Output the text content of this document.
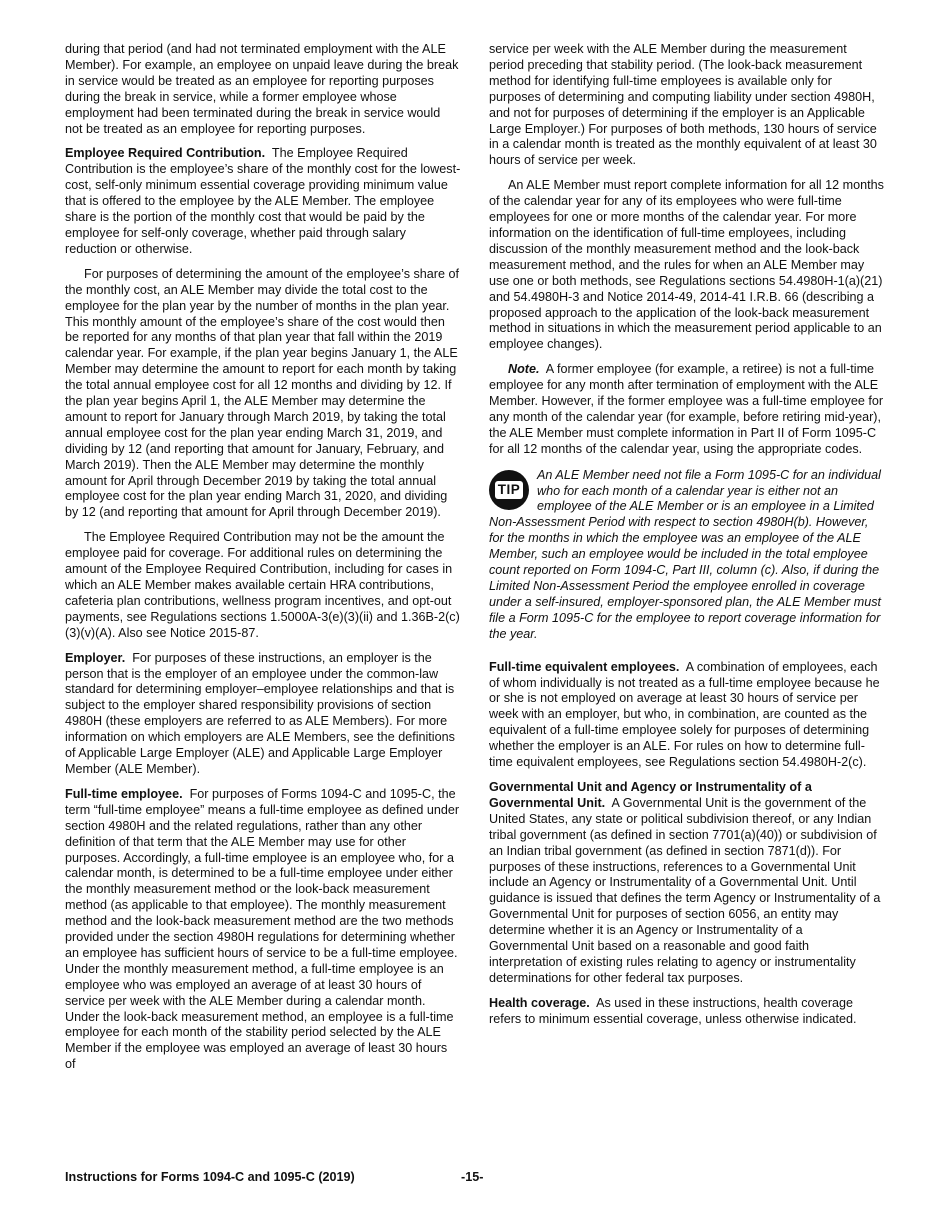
during that period (and had not terminated employment with the ALE Member). For example, an employee on unpaid leave during the break in service would be treated as an employee for reporting purposes during the break in service, while a former employee whose employment had been terminated during the break in service would not be treated as an employee for reporting purposes.

Employee Required Contribution. The Employee Required Contribution is the employee’s share of the monthly cost for the lowest-cost, self-only minimum essential coverage providing minimum value that is offered to the employee by the ALE Member. The employee share is the portion of the monthly cost that would be paid by the employee for self-only coverage, whether paid through salary reduction or otherwise.

For purposes of determining the amount of the employee’s share of the monthly cost, an ALE Member may divide the total cost to the employee for the plan year by the number of months in the plan year. This monthly amount of the employee’s share of the cost would then be reported for any months of that plan year that fall within the 2019 calendar year. For example, if the plan year begins January 1, the ALE Member may determine the amount to report for each month by taking the total annual employee cost for all 12 months and dividing by 12. If the plan year begins April 1, the ALE Member may determine the amount to report for January through March 2019, by taking the total annual employee cost for the plan year ending March 31, 2019, and dividing by 12 (and reporting that amount for January, February, and March 2019). Then the ALE Member may determine the monthly amount for April through December 2019 by taking the total annual employee cost for the plan year ending March 31, 2020, and dividing by 12 (and reporting that amount for April through December 2019).

The Employee Required Contribution may not be the amount the employee paid for coverage. For additional rules on determining the amount of the Employee Required Contribution, including for cases in which an ALE Member makes available certain HRA contributions, cafeteria plan contributions, wellness program incentives, and opt-out payments, see Regulations sections 1.5000A-3(e)(3)(ii) and 1.36B-2(c)(3)(v)(A). Also see Notice 2015-87.

Employer. For purposes of these instructions, an employer is the person that is the employer of an employee under the common-law standard for determining employer–employee relationships and that is subject to the employer shared responsibility provisions of section 4980H (these employers are referred to as ALE Members). For more information on which employers are ALE Members, see the definitions of Applicable Large Employer (ALE) and Applicable Large Employer Member (ALE Member).

Full-time employee. For purposes of Forms 1094-C and 1095-C, the term “full-time employee” means a full-time employee as defined under section 4980H and the related regulations, rather than any other definition of that term that the ALE Member may use for other purposes. Accordingly, a full-time employee is an employee who, for a calendar month, is determined to be a full-time employee under either the monthly measurement method or the look-back measurement method (as applicable to that employee). The monthly measurement method and the look-back measurement method are the two methods provided under the section 4980H regulations for determining whether an employee has sufficient hours of service to be a full-time employee. Under the monthly measurement method, a full-time employee is an employee who was employed an average of at least 30 hours of service per week with the ALE Member during a calendar month. Under the look-back measurement method, an employee is a full-time employee for each month of the stability period selected by the ALE Member if the employee was employed an average of least 30 hours of

service per week with the ALE Member during the measurement period preceding that stability period. (The look-back measurement method for identifying full-time employees is available only for purposes of determining and computing liability under section 4980H, and not for purposes of determining if the employer is an Applicable Large Employer.) For purposes of both methods, 130 hours of service in a calendar month is treated as the monthly equivalent of at least 30 hours of service per week.

An ALE Member must report complete information for all 12 months of the calendar year for any of its employees who were full-time employees for one or more months of the calendar year. For more information on the identification of full-time employees, including discussion of the monthly measurement method and the look-back measurement method, and the rules for when an ALE Member may use one or both methods, see Regulations sections 54.4980H-1(a)(21) and 54.4980H-3 and Notice 2014-49, 2014-41 I.R.B. 66 (describing a proposed approach to the application of the look-back measurement method in situations in which the measurement period applicable to an employee changes).

Note. A former employee (for example, a retiree) is not a full-time employee for any month after termination of employment with the ALE Member. However, if the former employee was a full-time employee for any month of the calendar year (for example, before retiring mid-year), the ALE Member must complete information in Part II of Form 1095-C for all 12 months of the calendar year, using the appropriate codes.

TIP
An ALE Member need not file a Form 1095-C for an individual who for each month of a calendar year is either not an employee of the ALE Member or is an employee in a Limited Non-Assessment Period with respect to section 4980H(b). However, for the months in which the employee was an employee of the ALE Member, such an employee would be included in the total employee count reported on Form 1094-C, Part III, column (c). Also, if during the Limited Non-Assessment Period the employee enrolled in coverage under a self-insured, employer-sponsored plan, the ALE Member must file a Form 1095-C for the employee to report coverage information for the year.

Full-time equivalent employees. A combination of employees, each of whom individually is not treated as a full-time employee because he or she is not employed on average at least 30 hours of service per week with an employer, but who, in combination, are counted as the equivalent of a full-time employee solely for purposes of determining whether the employer is an ALE. For rules on how to determine full-time equivalent employees, see Regulations section 54.4980H-2(c).

Governmental Unit and Agency or Instrumentality of a Governmental Unit. A Governmental Unit is the government of the United States, any state or political subdivision thereof, or any Indian tribal government (as defined in section 7701(a)(40)) or subdivision of an Indian tribal government (as defined in section 7871(d)). For purposes of these instructions, references to a Governmental Unit include an Agency or Instrumentality of a Governmental Unit. Until guidance is issued that defines the term Agency or Instrumentality of a Governmental Unit for purposes of section 6056, an entity may determine whether it is an Agency or Instrumentality of a Governmental Unit based on a reasonable and good faith interpretation of existing rules relating to agency or instrumentality determinations for other federal tax purposes.

Health coverage. As used in these instructions, health coverage refers to minimum essential coverage, unless otherwise indicated.

Instructions for Forms 1094-C and 1095-C (2019)	-15-
